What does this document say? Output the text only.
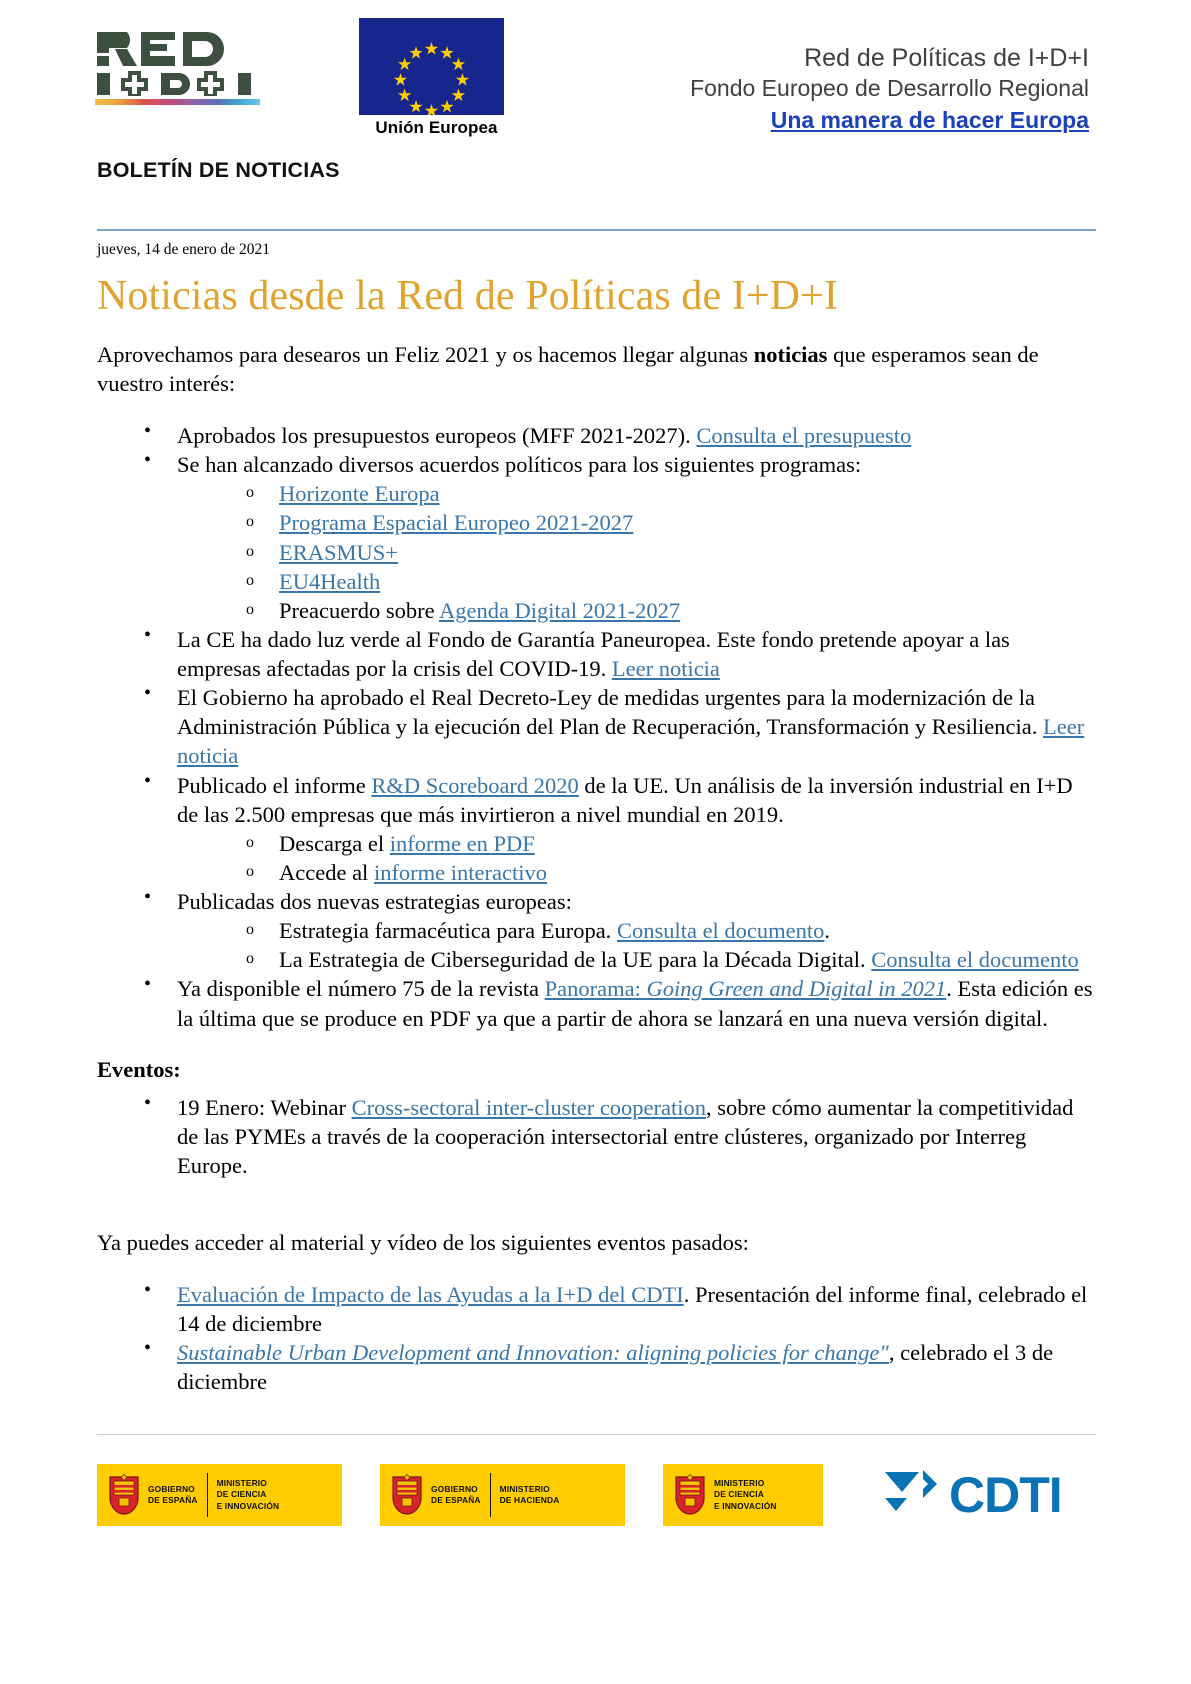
Unión Europea
Red de Políticas de I+D+I
Fondo Europeo de Desarrollo Regional
Una manera de hacer Europa
BOLETÍN DE NOTICIAS
jueves, 14 de enero de 2021
Noticias desde la Red de Políticas de I+D+I

Aprovechamos para desearos un Feliz 2021 y os hacemos llegar algunas noticias que esperamos sean de vuestro interés:

• Aprobados los presupuestos europeos (MFF 2021-2027). Consulta el presupuesto
• Se han alcanzado diversos acuerdos políticos para los siguientes programas:
o Horizonte Europa
o Programa Espacial Europeo 2021-2027
o ERASMUS+
o EU4Health
o Preacuerdo sobre Agenda Digital 2021-2027
• La CE ha dado luz verde al Fondo de Garantía Paneuropea. Este fondo pretende apoyar a las empresas afectadas por la crisis del COVID-19. Leer noticia
• El Gobierno ha aprobado el Real Decreto-Ley de medidas urgentes para la modernización de la Administración Pública y la ejecución del Plan de Recuperación, Transformación y Resiliencia. Leer noticia
• Publicado el informe R&D Scoreboard 2020 de la UE. Un análisis de la inversión industrial en I+D de las 2.500 empresas que más invirtieron a nivel mundial en 2019.
o Descarga el informe en PDF
o Accede al informe interactivo
• Publicadas dos nuevas estrategias europeas:
o Estrategia farmacéutica para Europa. Consulta el documento.
o La Estrategia de Ciberseguridad de la UE para la Década Digital. Consulta el documento
• Ya disponible el número 75 de la revista Panorama: Going Green and Digital in 2021. Esta edición es la última que se produce en PDF ya que a partir de ahora se lanzará en una nueva versión digital.
Eventos:
• 19 Enero: Webinar Cross-sectoral inter-cluster cooperation, sobre cómo aumentar la competitividad de las PYMEs a través de la cooperación intersectorial entre clústeres, organizado por Interreg Europe.

Ya puedes acceder al material y vídeo de los siguientes eventos pasados:

• Evaluación de Impacto de las Ayudas a la I+D del CDTI. Presentación del informe final, celebrado el 14 de diciembre
• Sustainable Urban Development and Innovation: aligning policies for change", celebrado el 3 de diciembre
GOBIERNO
DE ESPAÑA
MINISTERIO
DE CIENCIA
E INNOVACIÓN
GOBIERNO
DE ESPAÑA
MINISTERIO
DE HACIENDA
MINISTERIO
DE CIENCIA
E INNOVACIÓN	CDTI
